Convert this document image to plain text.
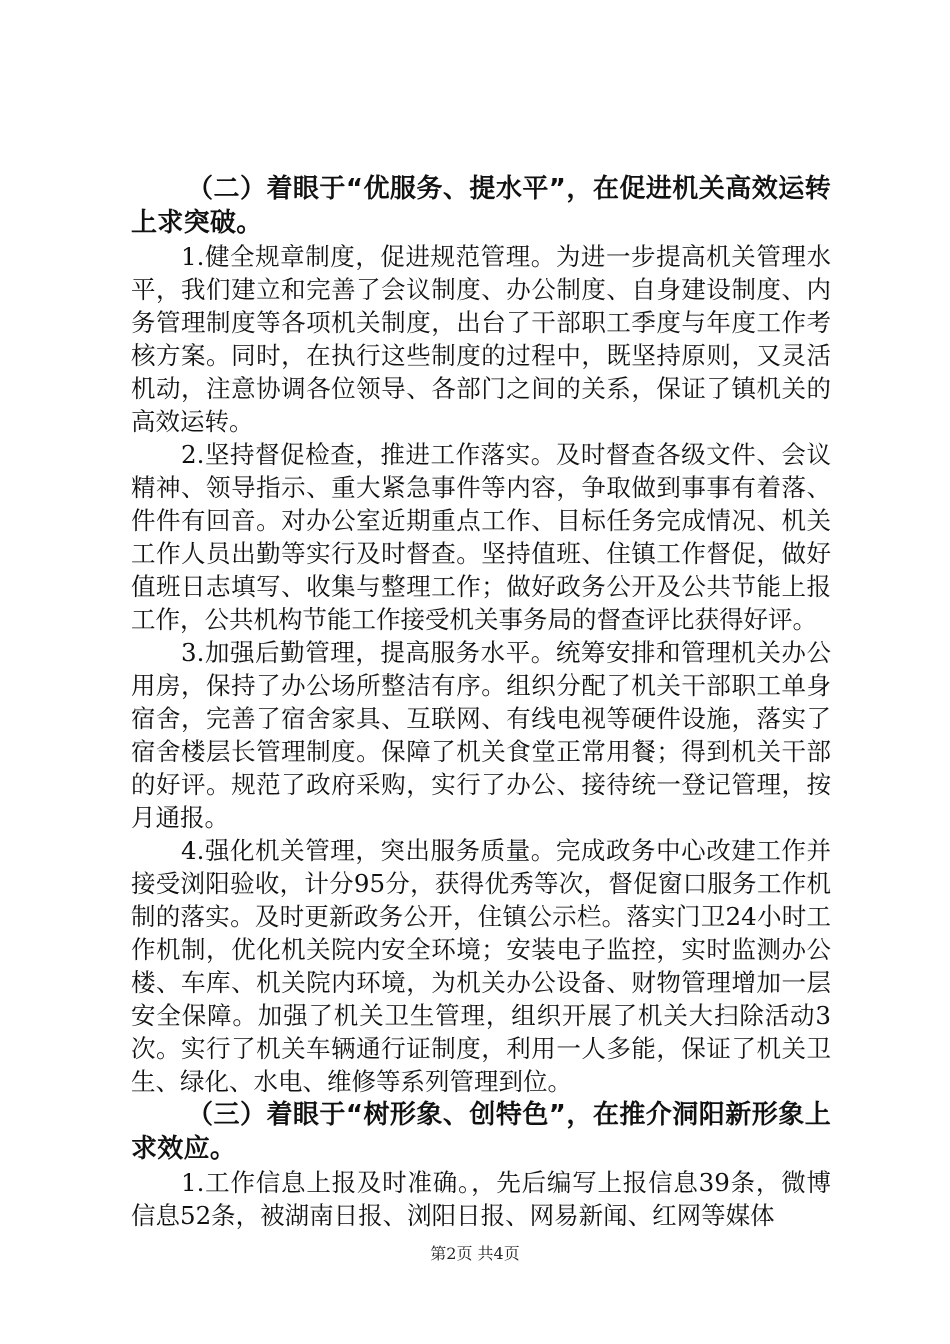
（二）着眼于“优服务、提水平”，在促进机关高效运转上求突破。

1.健全规章制度，促进规范管理。为进一步提高机关管理水平，我们建立和完善了会议制度、办公制度、自身建设制度、内务管理制度等各项机关制度，出台了干部职工季度与年度工作考核方案。同时，在执行这些制度的过程中，既坚持原则，又灵活机动，注意协调各位领导、各部门之间的关系，保证了镇机关的高效运转。

2.坚持督促检查，推进工作落实。及时督查各级文件、会议精神、领导指示、重大紧急事件等内容，争取做到事事有着落、件件有回音。对办公室近期重点工作、目标任务完成情况、机关工作人员出勤等实行及时督查。坚持值班、住镇工作督促，做好值班日志填写、收集与整理工作；做好政务公开及公共节能上报工作，公共机构节能工作接受机关事务局的督查评比获得好评。

3.加强后勤管理，提高服务水平。统筹安排和管理机关办公用房，保持了办公场所整洁有序。组织分配了机关干部职工单身宿舍，完善了宿舍家具、互联网、有线电视等硬件设施，落实了宿舍楼层长管理制度。保障了机关食堂正常用餐；得到机关干部的好评。规范了政府采购，实行了办公、接待统一登记管理，按月通报。

4.强化机关管理，突出服务质量。完成政务中心改建工作并接受浏阳验收，计分95分，获得优秀等次，督促窗口服务工作机制的落实。及时更新政务公开，住镇公示栏。落实门卫24小时工作机制，优化机关院内安全环境；安装电子监控，实时监测办公楼、车库、机关院内环境，为机关办公设备、财物管理增加一层安全保障。加强了机关卫生管理，组织开展了机关大扫除活动3次。实行了机关车辆通行证制度，利用一人多能，保证了机关卫生、绿化、水电、维修等系列管理到位。

（三）着眼于“树形象、创特色”，在推介洞阳新形象上求效应。

1.工作信息上报及时准确。，先后编写上报信息39条，微博信息52条，被湖南日报、浏阳日报、网易新闻、红网等媒体

第2页 共4页
